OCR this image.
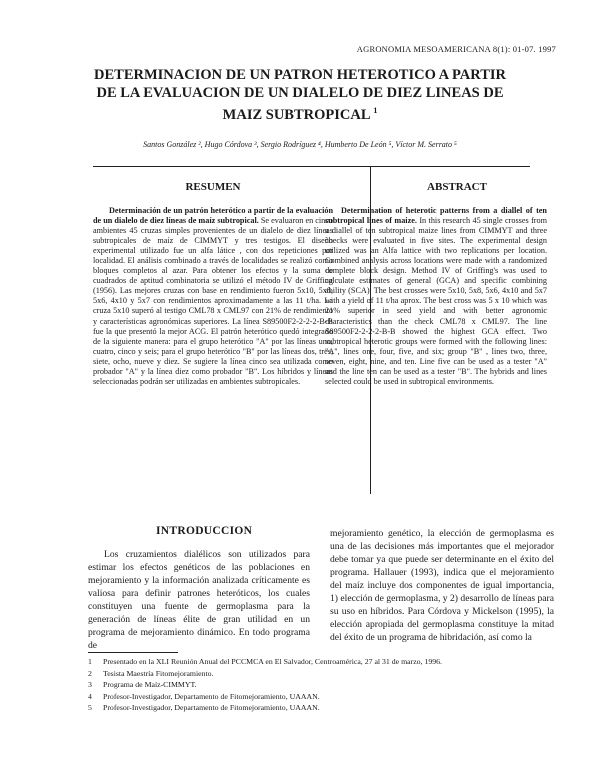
AGRONOMIA MESOAMERICANA 8(1): 01-07. 1997
DETERMINACION DE UN PATRON HETEROTICO A PARTIR
DE LA EVALUACION DE UN DIALELO DE DIEZ LINEAS DE
MAIZ SUBTROPICAL $^1$
Santos González ², Hugo Córdova ³, Sergio Rodríguez ⁴, Humberto De León ⁵, Víctor M. Serrato ⁵
RESUMEN

Determinación de un patrón heterótico a partir de la evaluación de un dialelo de diez líneas de maíz subtropical. Se evaluaron en cinco ambientes 45 cruzas simples provenientes de un dialelo de diez líneas subtropicales de maíz de CIMMYT y tres testigos. El diseño experimental utilizado fue un alfa látice , con dos repeticiones por localidad. El análisis combinado a través de localidades se realizó como bloques completos al azar. Para obtener los efectos y la suma de cuadrados de aptitud combinatoria se utilizó el método IV de Griffing (1956). Las mejores cruzas con base en rendimiento fueron 5x10, 5x8, 5x6, 4x10 y 5x7 con rendimientos aproximadamente a las 11 t/ha. La cruza 5x10 superó al testigo CML78 x CML97 con 21% de rendimiento y características agronómicas superiores. La línea S89500F2-2-2-2-B-B fue la que presentó la mejor ACG. El patrón heterótico quedó integrado de la siguiente manera: para el grupo heterótico "A" por las líneas uno, cuatro, cinco y seis; para el grupo heterótico "B" por las líneas dos, tres, siete, ocho, nueve y diez. Se sugiere la línea cinco sea utilizada como probador "A" y la línea diez como probador "B". Los híbridos y líneas seleccionadas podrán ser utilizadas en ambientes subtropicales.

ABSTRACT

Determination of heterotic patterns from a diallel of ten subtropical lines of maize. In this research 45 single crosses from a diallel of ten subtropical maize lines from CIMMYT and three checks were evaluated in five sites. The experimental design utilized was an Alfa lattice with two replications per location. Combined analysis across locations were made with a randomized complete block design. Method IV of Griffing's was used to calculate estimates of general (GCA) and specific combining ability (SCA). The best crosses were 5x10, 5x8, 5x6, 4x10 and 5x7 with a yield of 11 t/ha aprox. The best cross was 5 x 10 which was 21% superior in seed yield and with better agronomic characteristics than the check CML78 x CML97. The line S89500F2-2-2-2-B-B showed the highest GCA effect. Two subtropical heterotic groups were formed with the following lines: "A", lines one, four, five, and six; group "B" , lines two, three, seven, eight, nine, and ten. Line five can be used as a tester "A" and the line ten can be used as a tester "B". The hybrids and lines selected could be used in subtropical environments.

INTRODUCCION

Los cruzamientos dialélicos son utilizados para estimar los efectos genéticos de las poblaciones en mejoramiento y la información analizada críticamente es valiosa para definir patrones heteróticos, los cuales constituyen una fuente de germoplasma para la generación de líneas élite de gran utilidad en un programa de mejoramiento dinámico. En todo programa de

mejoramiento genético, la elección de germoplasma es una de las decisiones más importantes que el mejorador debe tomar ya que puede ser determinante en el éxito del programa. Hallauer (1993), indica que el mejoramiento del maíz incluye dos componentes de igual importancia, 1) elección de germoplasma, y 2) desarrollo de líneas para su uso en híbridos. Para Córdova y Mickelson (1995), la elección apropiada del germoplasma constituye la mitad del éxito de un programa de hibridación, así como la

1	Presentado en la XLI Reunión Anual del PCCMCA en El Salvador, Centroamérica, 27 al 31 de marzo, 1996.
2	Tesista Maestría Fitomejoramiento.
3	Programa de Maíz-CIMMYT.
4	Profesor-Investigador, Departamento de Fitomejoramiento, UAAAN.
5	Profesor-Investigador, Departamento de Fitomejoramiento, UAAAN.
